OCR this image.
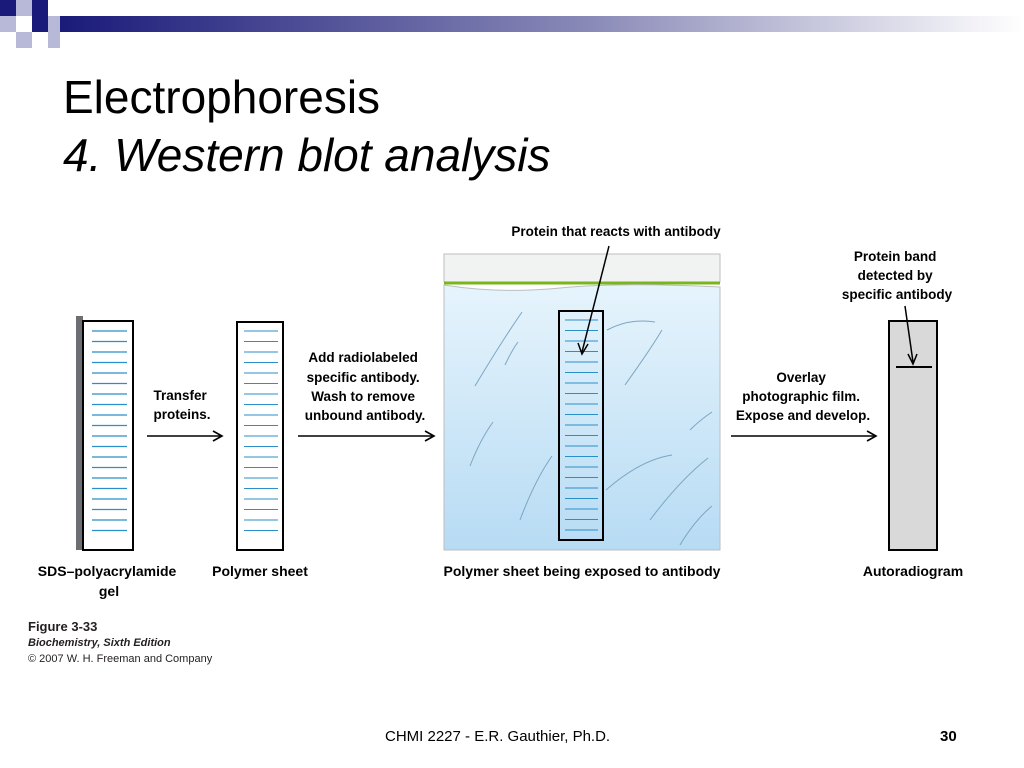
Electrophoresis
4. Western blot analysis
Transfer proteins.
Add radiolabeled specific antibody. Wash to remove unbound antibody.
Protein that reacts with antibody
Overlay photographic film. Expose and develop.
Protein band detected by specific antibody
SDS–polyacrylamide gel
Polymer sheet	Polymer sheet being exposed to antibody	Autoradiogram
Figure 3-33
Biochemistry, Sixth Edition
© 2007 W. H. Freeman and Company
CHMI 2227 - E.R. Gauthier, Ph.D.	30
